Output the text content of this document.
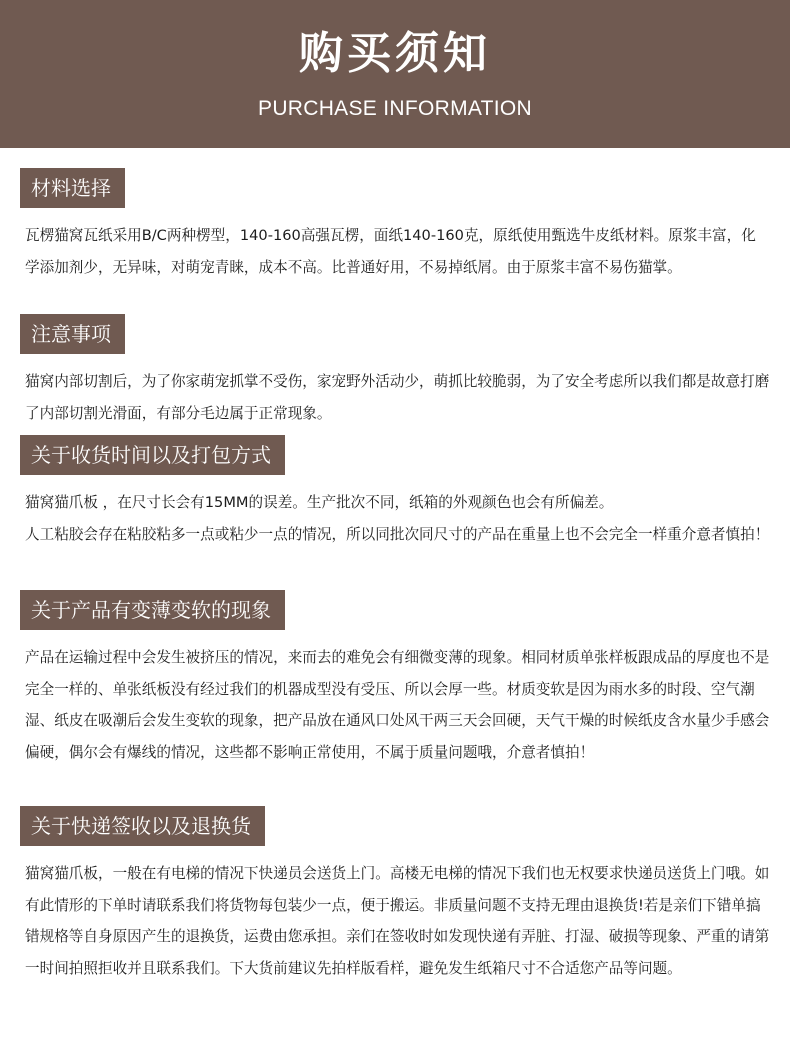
购买须知
PURCHASE INFORMATION
材料选择

瓦楞猫窝瓦纸采用B/C两种楞型，140-160高强瓦楞，面纸140-160克，原纸使用甄选牛皮纸材料。原浆丰富，化学添加剂少，无异味，对萌宠青睐，成本不高。比普通好用，不易掉纸屑。由于原浆丰富不易伤猫掌。

注意事项

猫窝内部切割后，为了你家萌宠抓掌不受伤，家宠野外活动少，萌抓比较脆弱，为了安全考虑所以我们都是故意打磨了内部切割光滑面，有部分毛边属于正常现象。

关于收货时间以及打包方式

猫窝猫爪板 ，在尺寸长会有15MM的误差。生产批次不同，纸箱的外观颜色也会有所偏差。

人工粘胶会存在粘胶粘多一点或粘少一点的情况，所以同批次同尺寸的产品在重量上也不会完全一样重介意者慎拍！

关于产品有变薄变软的现象

产品在运输过程中会发生被挤压的情况，来而去的难免会有细微变薄的现象。相同材质单张样板跟成品的厚度也不是完全一样的、单张纸板没有经过我们的机器成型没有受压、所以会厚一些。材质变软是因为雨水多的时段、空气潮湿、纸皮在吸潮后会发生变软的现象，把产品放在通风口处风干两三天会回硬，天气干燥的时候纸皮含水量少手感会偏硬，偶尔会有爆线的情况，这些都不影响正常使用，不属于质量问题哦，介意者慎拍！

关于快递签收以及退换货

猫窝猫爪板，一般在有电梯的情况下快递员会送货上门。高楼无电梯的情况下我们也无权要求快递员送货上门哦。如有此情形的下单时请联系我们将货物每包装少一点，便于搬运。非质量问题不支持无理由退换货!若是亲们下错单搞错规格等自身原因产生的退换货，运费由您承担。亲们在签收时如发现快递有弄脏、打湿、破损等现象、严重的请第一时间拍照拒收并且联系我们。下大货前建议先拍样版看样，避免发生纸箱尺寸不合适您产品等问题。
